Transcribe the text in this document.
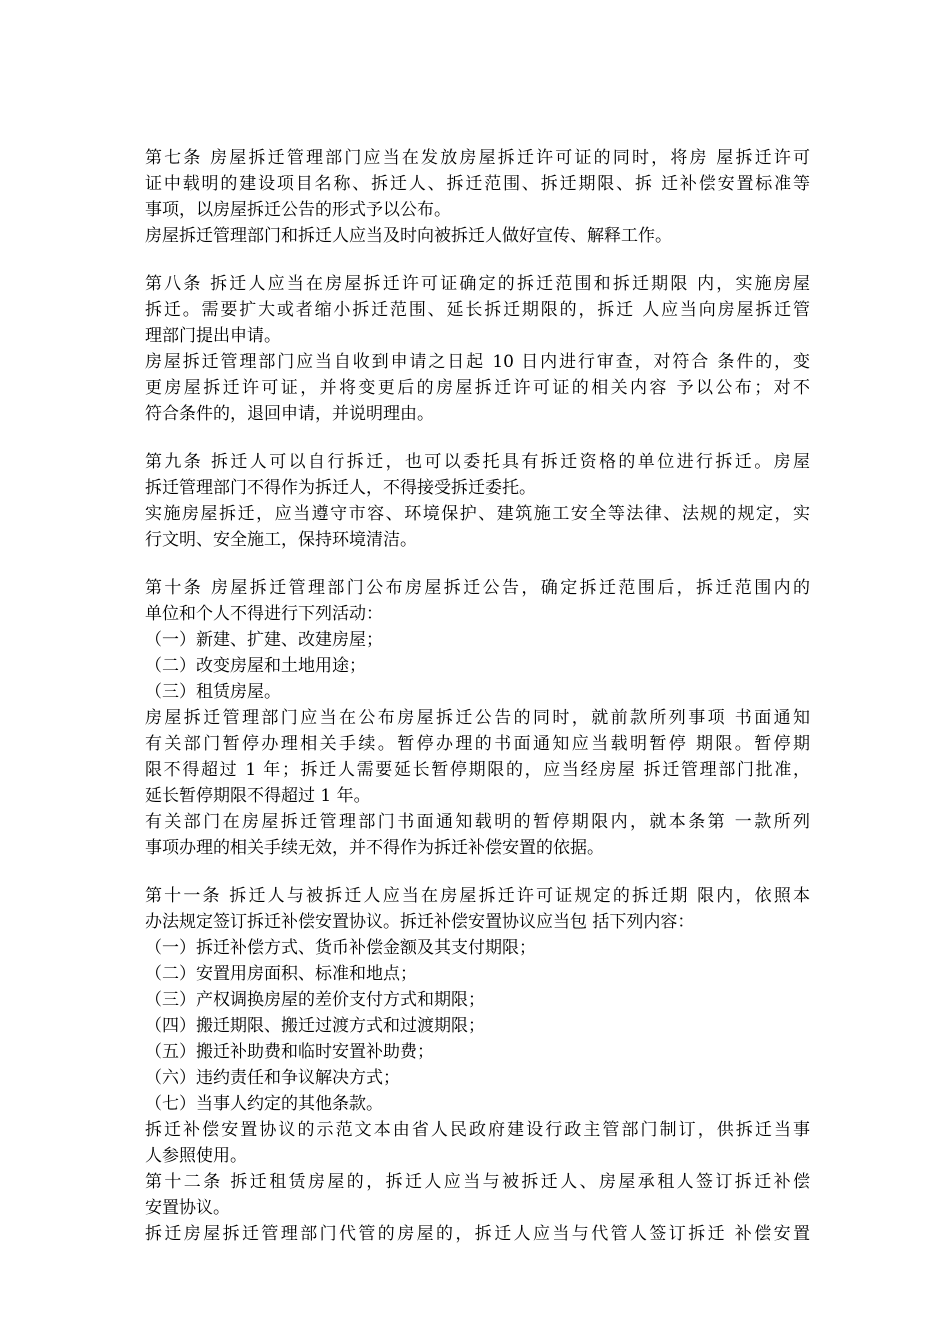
第七条 房屋拆迁管理部门应当在发放房屋拆迁许可证的同时，将房 屋拆迁许可
证中载明的建设项目名称、拆迁人、拆迁范围、拆迁期限、拆 迁补偿安置标准等
事项，以房屋拆迁公告的形式予以公布。
房屋拆迁管理部门和拆迁人应当及时向被拆迁人做好宣传、解释工作。
第八条 拆迁人应当在房屋拆迁许可证确定的拆迁范围和拆迁期限 内，实施房屋
拆迁。需要扩大或者缩小拆迁范围、延长拆迁期限的，拆迁 人应当向房屋拆迁管
理部门提出申请。
房屋拆迁管理部门应当自收到申请之日起 10 日内进行审查，对符合 条件的，变
更房屋拆迁许可证，并将变更后的房屋拆迁许可证的相关内容 予以公布；对不
符合条件的，退回申请，并说明理由。
第九条 拆迁人可以自行拆迁，也可以委托具有拆迁资格的单位进行拆迁。房屋
拆迁管理部门不得作为拆迁人，不得接受拆迁委托。
实施房屋拆迁，应当遵守市容、环境保护、建筑施工安全等法律、法规的规定，实
行文明、安全施工，保持环境清洁。
第十条 房屋拆迁管理部门公布房屋拆迁公告，确定拆迁范围后，拆迁范围内的
单位和个人不得进行下列活动：
（一）新建、扩建、改建房屋；
（二）改变房屋和土地用途；
（三）租赁房屋。
房屋拆迁管理部门应当在公布房屋拆迁公告的同时，就前款所列事项 书面通知
有关部门暂停办理相关手续。暂停办理的书面通知应当载明暂停 期限。暂停期
限不得超过 1 年；拆迁人需要延长暂停期限的，应当经房屋 拆迁管理部门批准，
延长暂停期限不得超过 1 年。
有关部门在房屋拆迁管理部门书面通知载明的暂停期限内，就本条第 一款所列
事项办理的相关手续无效，并不得作为拆迁补偿安置的依据。
第十一条 拆迁人与被拆迁人应当在房屋拆迁许可证规定的拆迁期 限内，依照本
办法规定签订拆迁补偿安置协议。拆迁补偿安置协议应当包 括下列内容：
（一）拆迁补偿方式、货币补偿金额及其支付期限；
（二）安置用房面积、标准和地点；
（三）产权调换房屋的差价支付方式和期限；
（四）搬迁期限、搬迁过渡方式和过渡期限；
（五）搬迁补助费和临时安置补助费；
（六）违约责任和争议解决方式；
（七）当事人约定的其他条款。
拆迁补偿安置协议的示范文本由省人民政府建设行政主管部门制订，供拆迁当事
人参照使用。
第十二条 拆迁租赁房屋的，拆迁人应当与被拆迁人、房屋承租人签订拆迁补偿
安置协议。
拆迁房屋拆迁管理部门代管的房屋的，拆迁人应当与代管人签订拆迁 补偿安置
